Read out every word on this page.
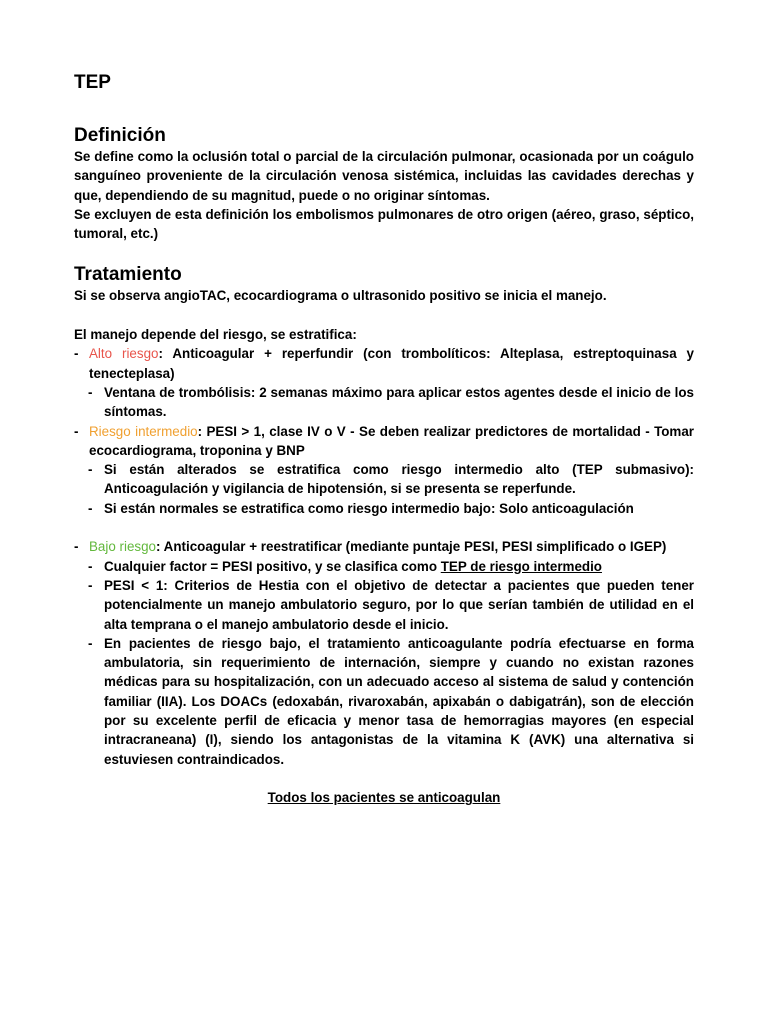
TEP
Definición

Se define como la oclusión total o parcial de la circulación pulmonar, ocasionada por un coágulo sanguíneo proveniente de la circulación venosa sistémica, incluidas las cavidades derechas y que, dependiendo de su magnitud, puede o no originar síntomas.

Se excluyen de esta definición los embolismos pulmonares de otro origen (aéreo, graso, séptico, tumoral, etc.)

Tratamiento

Si se observa angioTAC, ecocardiograma o ultrasonido positivo se inicia el manejo.

El manejo depende del riesgo, se estratifica:

- Alto riesgo: Anticoagular + reperfundir (con trombolíticos: Alteplasa, estreptoquinasa y tenecteplasa)
- Ventana de trombólisis: 2 semanas máximo para aplicar estos agentes desde el inicio de los síntomas.
- Riesgo intermedio: PESI > 1, clase IV o V - Se deben realizar predictores de mortalidad - Tomar ecocardiograma, troponina y BNP
- Si están alterados se estratifica como riesgo intermedio alto (TEP submasivo): Anticoagulación y vigilancia de hipotensión, si se presenta se reperfunde.
- Si están normales se estratifica como riesgo intermedio bajo: Solo anticoagulación
- Bajo riesgo: Anticoagular + reestratificar (mediante puntaje PESI, PESI simplificado o IGEP)
- Cualquier factor = PESI positivo, y se clasifica como TEP de riesgo intermedio
- PESI < 1: Criterios de Hestia con el objetivo de detectar a pacientes que pueden tener potencialmente un manejo ambulatorio seguro, por lo que serían también de utilidad en el alta temprana o el manejo ambulatorio desde el inicio.
- En pacientes de riesgo bajo, el tratamiento anticoagulante podría efectuarse en forma ambulatoria, sin requerimiento de internación, siempre y cuando no existan razones médicas para su hospitalización, con un adecuado acceso al sistema de salud y contención familiar (IIA). Los DOACs (edoxabán, rivaroxabán, apixabán o dabigatrán), son de elección por su excelente perfil de eficacia y menor tasa de hemorragias mayores (en especial intracraneana) (I), siendo los antagonistas de la vitamina K (AVK) una alternativa si estuviesen contraindicados.

Todos los pacientes se anticoagulan
